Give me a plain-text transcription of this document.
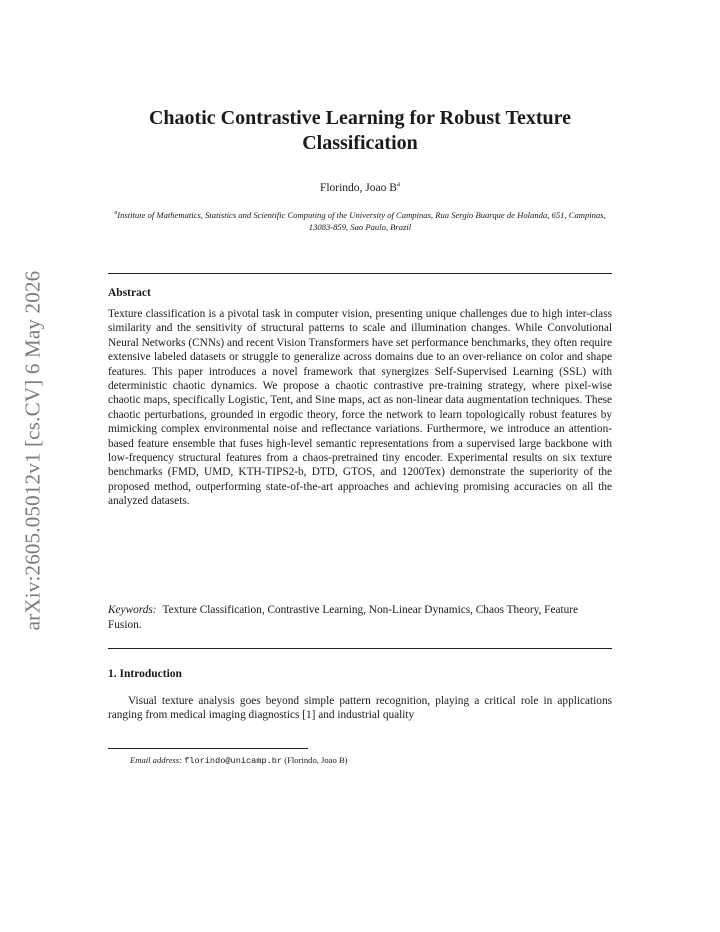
arXiv:2605.05012v1 [cs.CV] 6 May 2026
Chaotic Contrastive Learning for Robust Texture Classification
Florindo, Joao $B^a$
$^a$Institute of Mathematics, Statistics and Scientific Computing of the University of Campinas, Rua Sergio Buarque de Holanda, 651, Campinas, 13083-859, Sao Paulo, Brazil
Abstract

Texture classification is a pivotal task in computer vision, presenting unique challenges due to high inter-class similarity and the sensitivity of structural patterns to scale and illumination changes. While Convolutional Neural Networks (CNNs) and recent Vision Transformers have set performance benchmarks, they often require extensive labeled datasets or struggle to generalize across domains due to an over-reliance on color and shape features. This paper introduces a novel framework that synergizes Self-Supervised Learning (SSL) with deterministic chaotic dynamics. We propose a chaotic contrastive pre-training strategy, where pixel-wise chaotic maps, specifically Logistic, Tent, and Sine maps, act as non-linear data augmentation techniques. These chaotic perturbations, grounded in ergodic theory, force the network to learn topologically robust features by mimicking complex environmental noise and reflectance variations. Furthermore, we introduce an attention-based feature ensemble that fuses high-level semantic representations from a supervised large backbone with low-frequency structural features from a chaos-pretrained tiny encoder. Experimental results on six texture benchmarks (FMD, UMD, KTH-TIPS2-b, DTD, GTOS, and 1200Tex) demonstrate the superiority of the proposed method, outperforming state-of-the-art approaches and achieving promising accuracies on all the analyzed datasets.

Keywords: Texture Classification, Contrastive Learning, Non-Linear Dynamics, Chaos Theory, Feature Fusion.

1. Introduction

Visual texture analysis goes beyond simple pattern recognition, playing a critical role in applications ranging from medical imaging diagnostics [1] and industrial quality

Email address: florindo@unicamp.br (Florindo, Joao B)
